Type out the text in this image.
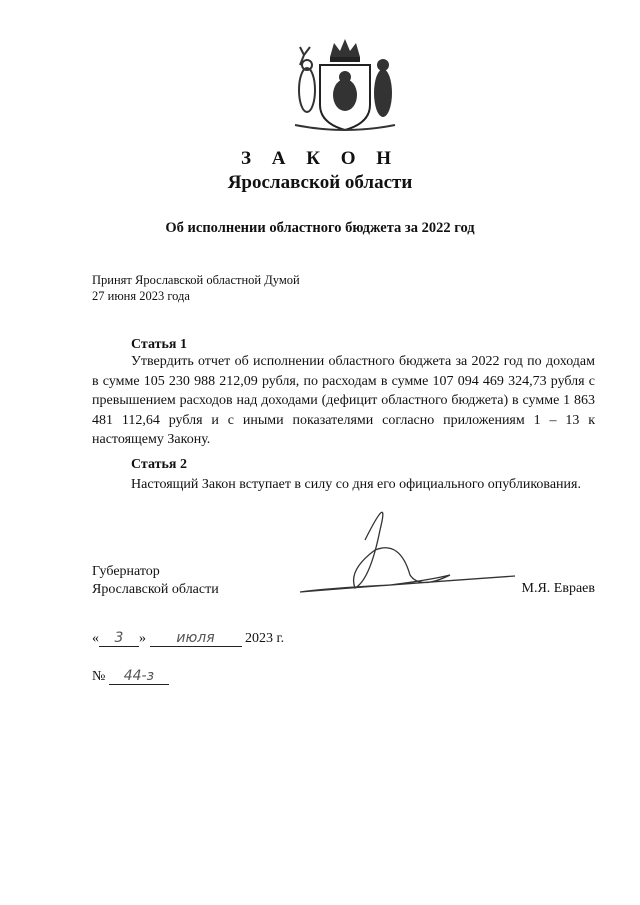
З А К О Н
Ярославской области
Об исполнении областного бюджета за 2022 год
Принят Ярославской областной Думой
27 июня 2023 года
Статья 1
Утвердить отчет об исполнении областного бюджета за 2022 год по доходам в сумме 105 230 988 212,09 рубля, по расходам в сумме 107 094 469 324,73 рубля с превышением расходов над доходами (дефицит областного бюджета) в сумме 1 863 481 112,64 рубля и с иными показателями согласно приложениям 1 – 13 к настоящему Закону.
Статья 2
Настоящий Закон вступает в силу со дня его официального опубликования.
Губернатор
Ярославской области	М.Я. Евраев
« 3 » июля 2023 г.
№ 44-з
